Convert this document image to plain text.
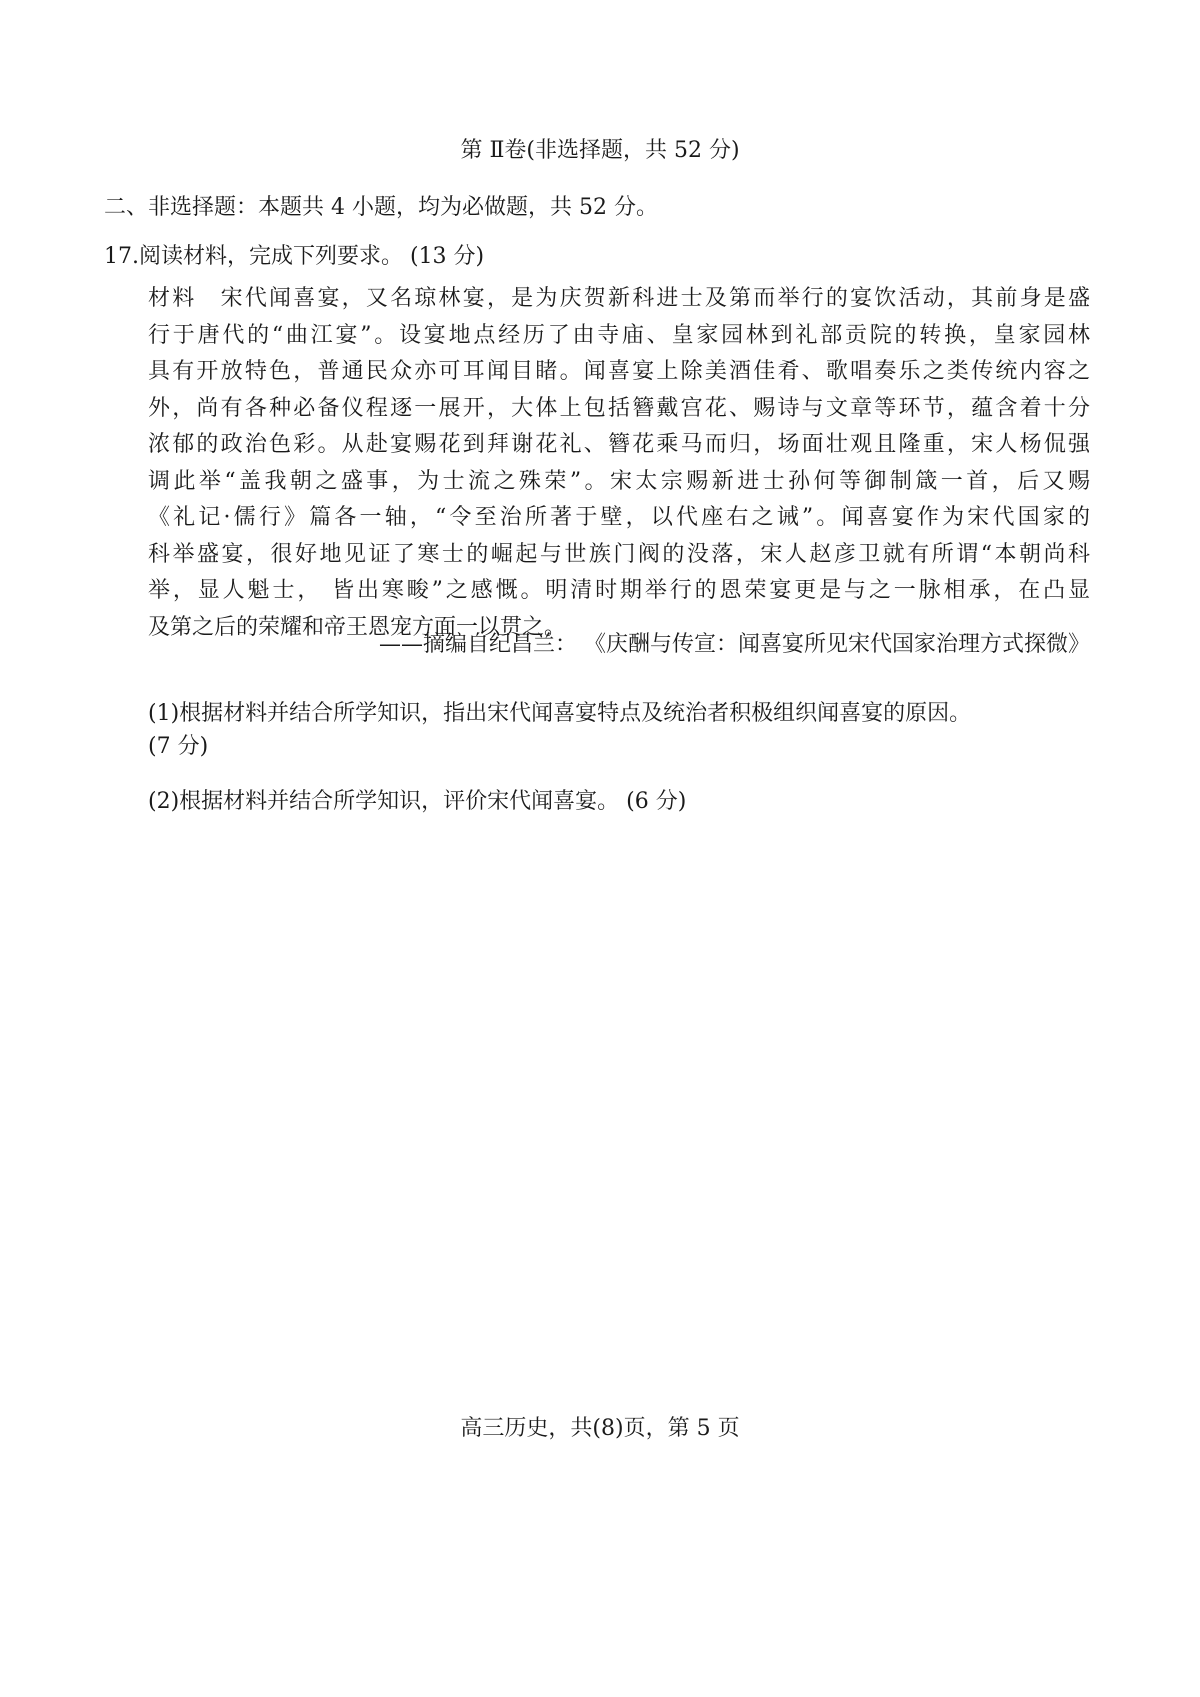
第 Ⅱ卷(非选择题，共 52 分)
二、非选择题：本题共 4 小题，均为必做题，共 52 分。
17.阅读材料，完成下列要求。 (13 分)
材料　宋代闻喜宴，又名琼林宴，是为庆贺新科进士及第而举行的宴饮活动，其前身是盛
行于唐代的“曲江宴”。设宴地点经历了由寺庙、皇家园林到礼部贡院的转换，皇家园林
具有开放特色，普通民众亦可耳闻目睹。闻喜宴上除美酒佳肴、歌唱奏乐之类传统内容之
外，尚有各种必备仪程逐一展开，大体上包括簪戴宫花、赐诗与文章等环节，蕴含着十分
浓郁的政治色彩。从赴宴赐花到拜谢花礼、簪花乘马而归，场面壮观且隆重，宋人杨侃强
调此举“盖我朝之盛事，为士流之殊荣”。宋太宗赐新进士孙何等御制箴一首，后又赐
《礼记·儒行》篇各一轴，“令至治所著于壁，以代座右之诫”。闻喜宴作为宋代国家的
科举盛宴，很好地见证了寒士的崛起与世族门阀的没落，宋人赵彦卫就有所谓“本朝尚科
举，显人魁士， 皆出寒畯”之感慨。明清时期举行的恩荣宴更是与之一脉相承，在凸显
及第之后的荣耀和帝王恩宠方面一以贯之。
——摘编自纪昌兰： 《庆酬与传宣：闻喜宴所见宋代国家治理方式探微》
(1)根据材料并结合所学知识，指出宋代闻喜宴特点及统治者积极组织闻喜宴的原因。
(7 分)
(2)根据材料并结合所学知识，评价宋代闻喜宴。 (6 分)
高三历史，共(8)页，第 5 页
